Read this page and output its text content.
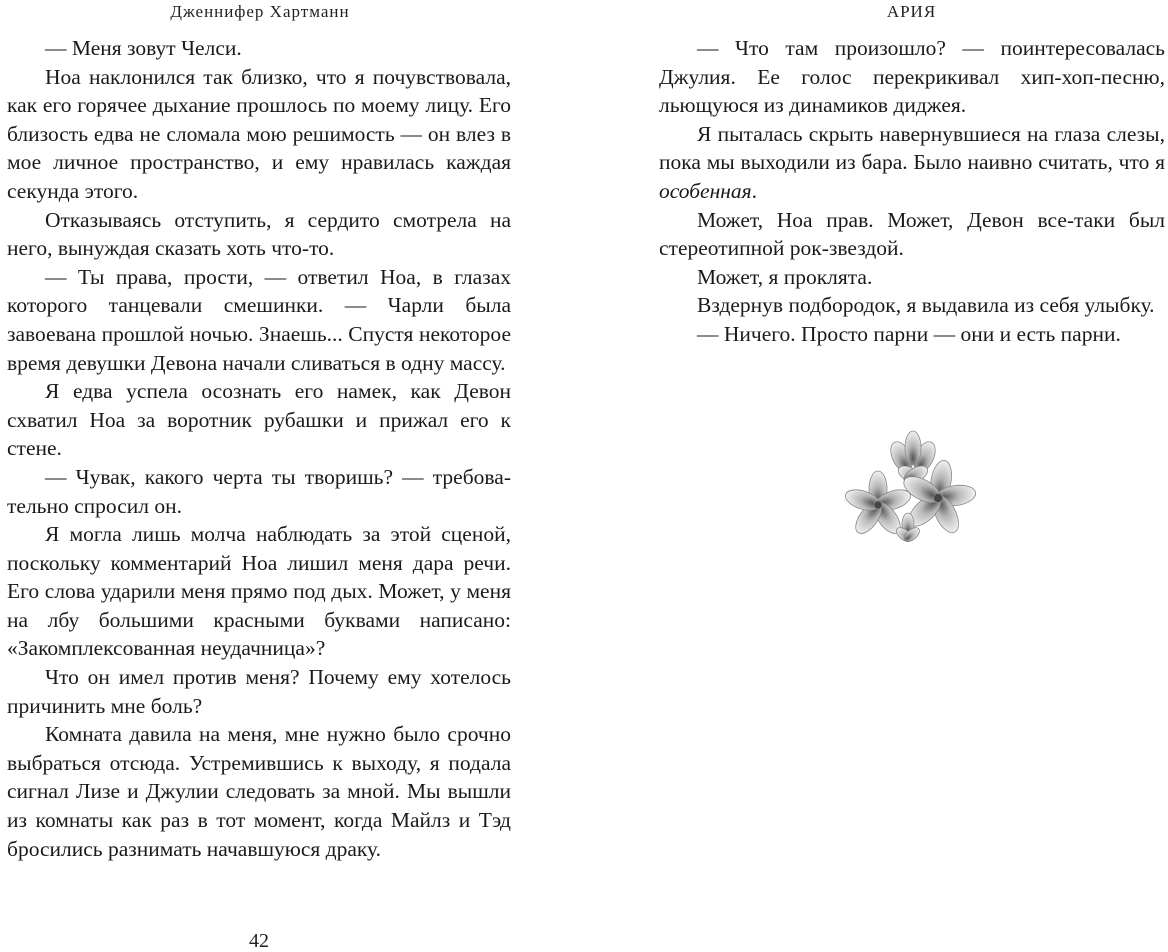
Дженнифер Хартманн	АРИЯ

— Меня зовут Челси.

Ноа наклонился так близко, что я почувствовала, как его горячее дыхание прошлось по моему лицу. Его близость едва не сломала мою решимость — он влез в мое личное пространство, и ему нравилась каждая секунда этого.

Отказываясь отступить, я сердито смотрела на него, вынуждая сказать хоть что-то.

— Ты права, прости, — ответил Ноа, в глазах которого танцевали смешинки. — Чарли была завоевана прошлой ночью. Знаешь... Спустя некоторое время девушки Девона начали сливаться в одну массу.

Я едва успела осознать его намек, как Девон схватил Ноа за воротник рубашки и прижал его к стене.

— Чувак, какого черта ты творишь? — требовательно спросил он.

Я могла лишь молча наблюдать за этой сценой, поскольку комментарий Ноа лишил меня дара речи. Его слова ударили меня прямо под дых. Может, у меня на лбу большими красными буквами написано: «Закомплексованная неудачница»?

Что он имел против меня? Почему ему хотелось причинить мне боль?

Комната давила на меня, мне нужно было срочно выбраться отсюда. Устремившись к выходу, я подала сигнал Лизе и Джулии следовать за мной. Мы вышли из комнаты как раз в тот момент, когда Майлз и Тэд бросились разнимать начавшуюся драку.

42

— Что там произошло? — поинтересовалась Джулия. Ее голос перекрикивал хип-хоп-песню, льющуюся из динамиков диджея.

Я пыталась скрыть навернувшиеся на глаза слезы, пока мы выходили из бара. Было наивно считать, что я особенная.

Может, Ноа прав. Может, Девон все-таки был стереотипной рок-звездой.

Может, я проклята.

Вздернув подбородок, я выдавила из себя улыбку.

— Ничего. Просто парни — они и есть парни.
